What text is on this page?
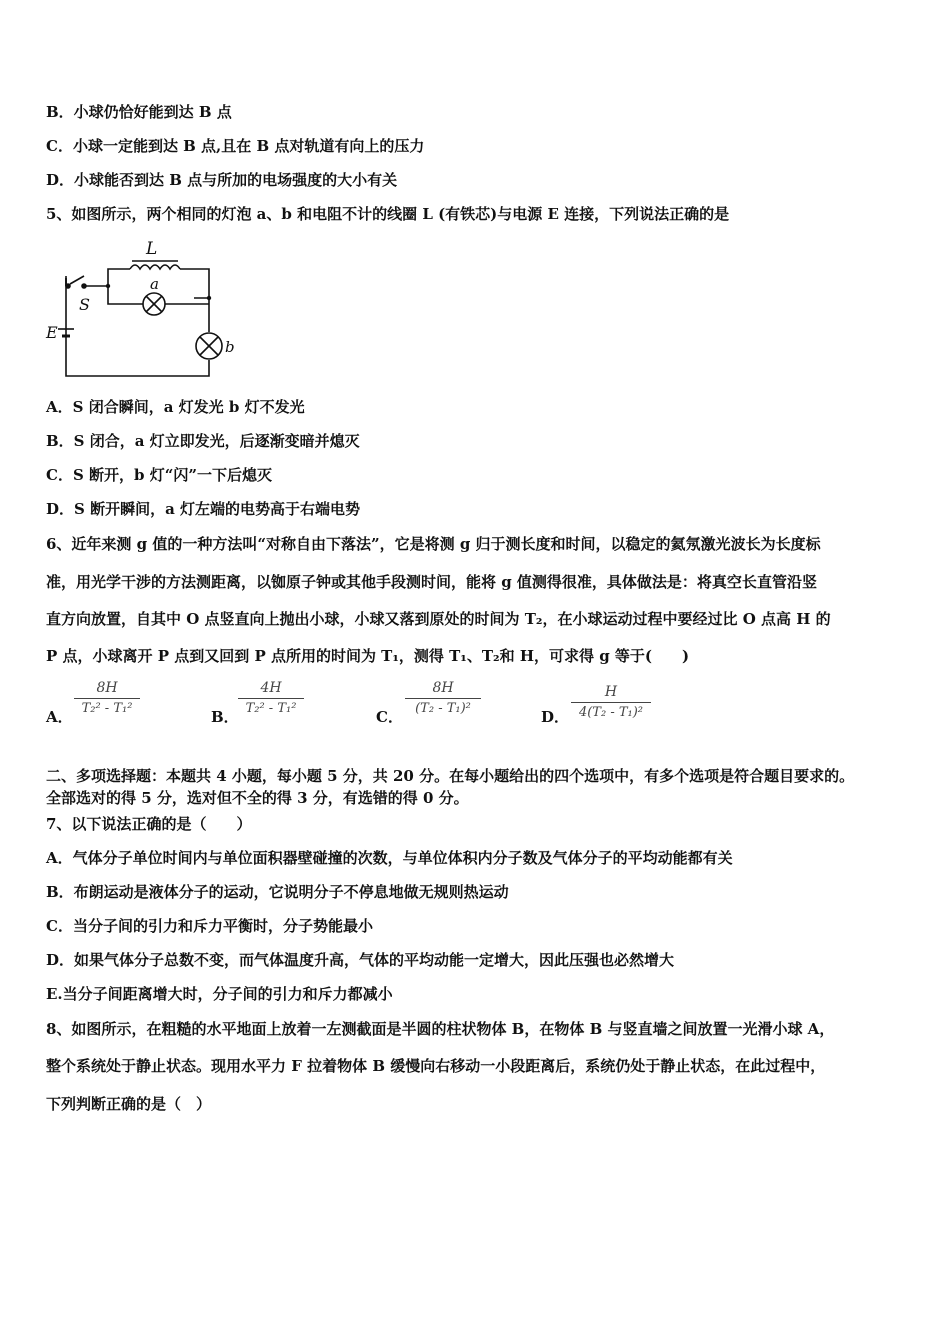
B．小球仍恰好能到达 B 点
C．小球一定能到达 B 点,且在 B 点对轨道有向上的压力
D．小球能否到达 B 点与所加的电场强度的大小有关
5、如图所示，两个相同的灯泡 a、b 和电阻不计的线圈 L (有铁芯)与电源 E 连接，下列说法正确的是
L
S
E
a
b
A．S 闭合瞬间，a 灯发光 b 灯不发光
B．S 闭合，a 灯立即发光，后逐渐变暗并熄灭
C．S 断开，b 灯“闪”一下后熄灭
D．S 断开瞬间，a 灯左端的电势高于右端电势
6、近年来测 g 值的一种方法叫“对称自由下落法”，它是将测 g 归于测长度和时间，以稳定的氦氖激光波长为长度标
准，用光学干涉的方法测距离，以铷原子钟或其他手段测时间，能将 g 值测得很准，具体做法是：将真空长直管沿竖
直方向放置，自其中 O 点竖直向上抛出小球，小球又落到原处的时间为 T₂，在小球运动过程中要经过比 O 点高 H 的
P 点，小球离开 P 点到又回到 P 点所用的时间为 T₁，测得 T₁、T₂和 H，可求得 g 等于(　　)
A．
8H
T₂² - T₁²	B．
4H
T₂² - T₁²	C．
8H
(T₂ - T₁)²	D．
H
4(T₂ - T₁)²
二、多项选择题：本题共 4 小题，每小题 5 分，共 20 分。在每小题给出的四个选项中，有多个选项是符合题目要求的。
全部选对的得 5 分，选对但不全的得 3 分，有选错的得 0 分。
7、以下说法正确的是（　　）
A．气体分子单位时间内与单位面积器壁碰撞的次数，与单位体积内分子数及气体分子的平均动能都有关
B．布朗运动是液体分子的运动，它说明分子不停息地做无规则热运动
C．当分子间的引力和斥力平衡时，分子势能最小
D．如果气体分子总数不变，而气体温度升高，气体的平均动能一定增大，因此压强也必然增大
E.当分子间距离增大时，分子间的引力和斥力都减小
8、如图所示，在粗糙的水平地面上放着一左测截面是半圆的柱状物体 B，在物体 B 与竖直墙之间放置一光滑小球 A，
整个系统处于静止状态。现用水平力 F 拉着物体 B 缓慢向右移动一小段距离后，系统仍处于静止状态，在此过程中，
下列判断正确的是（　）
